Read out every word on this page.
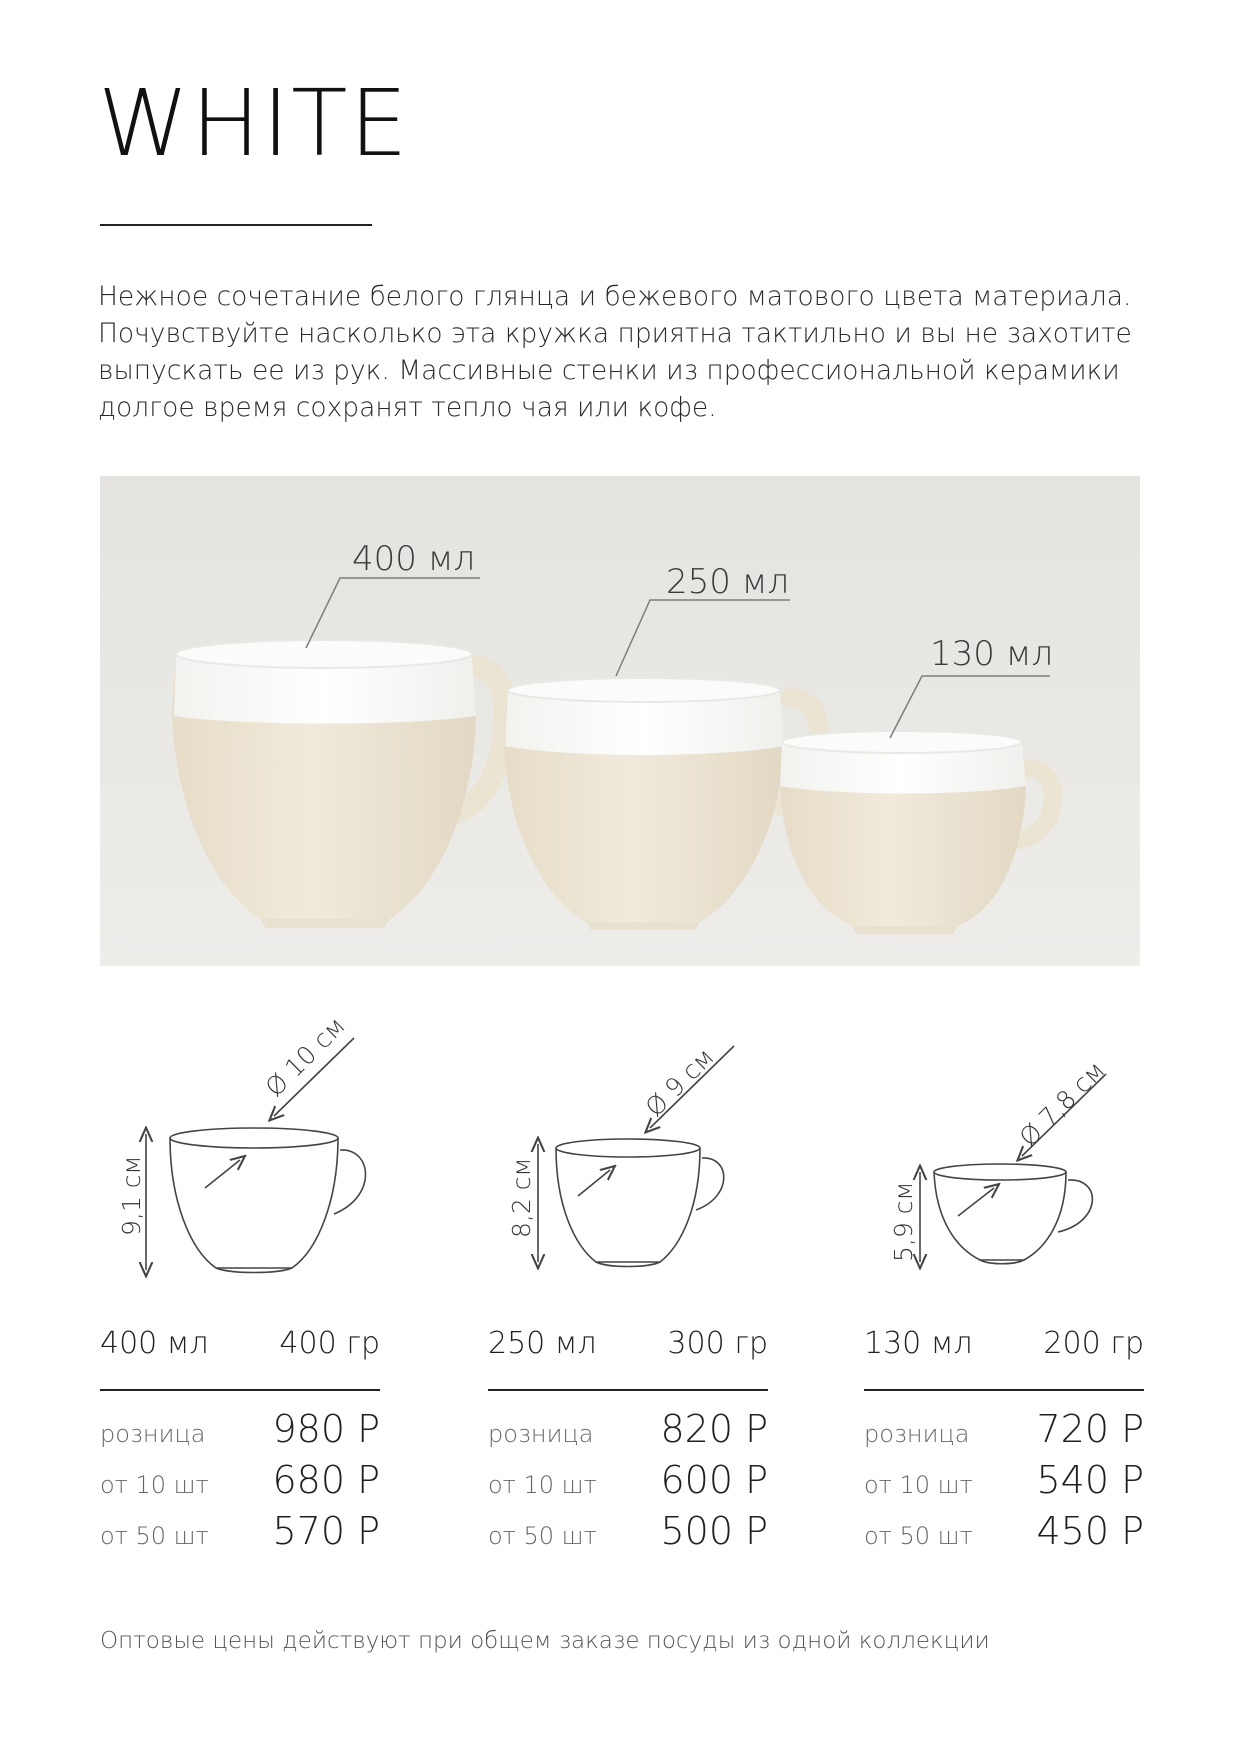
WHITE
Нежное сочетание белого глянца и бежевого матового цвета материала.
Почувствуйте насколько эта кружка приятна тактильно и вы не захотите
выпускать ее из рук. Массивные стенки из профессиональной керамики
долгое время сохранят тепло чая или кофе.
400 мл
250 мл
130 мл
Ø 10 см
9,1 см
Ø 9 см
8,2 см
Ø 7,8 см
5,9 см
400 мл 400 гр
розница 980 Р
от 10 шт 680 Р
от 50 шт 570 Р
250 мл 300 гр
розница 820 Р
от 10 шт 600 Р
от 50 шт 500 Р
130 мл 200 гр
розница 720 Р
от 10 шт 540 Р
от 50 шт 450 Р
Оптовые цены действуют при общем заказе посуды из одной коллекции
